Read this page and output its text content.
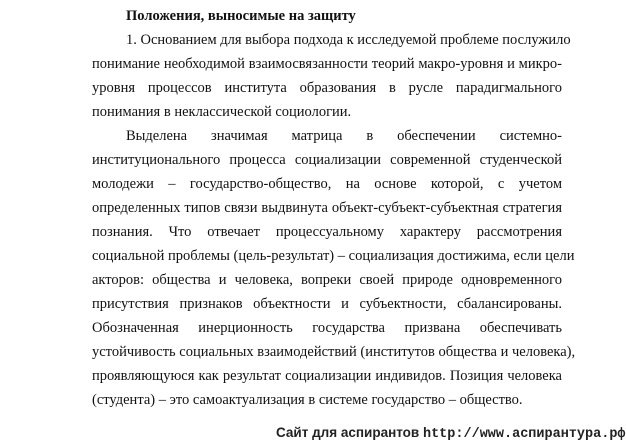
Положения, выносимые на защиту

1. Основанием для выбора подхода к исследуемой проблеме послужило

понимание необходимой взаимосвязанности теорий макро-уровня и микро-

уровня процессов института образования в русле парадигмального

понимания в неклассической социологии.

Выделена значимая матрица в обеспечении системно-

институционального процесса социализации современной студенческой

молодежи – государство-общество, на основе которой, с учетом

определенных типов связи выдвинута объект-субъект-субъектная стратегия

познания. Что отвечает процессуальному характеру рассмотрения

социальной проблемы (цель-результат) – социализация достижима, если цели

акторов: общества и человека, вопреки своей природе одновременного

присутствия признаков объектности и субъектности, сбалансированы.

Обозначенная инерционность государства призвана обеспечивать

устойчивость социальных взаимодействий (институтов общества и человека),

проявляющуюся как результат социализации индивидов. Позиция человека

(студента) – это самоактуализация в системе государство – общество.

Сайт для аспирантов http://www.аспирантура.рф
